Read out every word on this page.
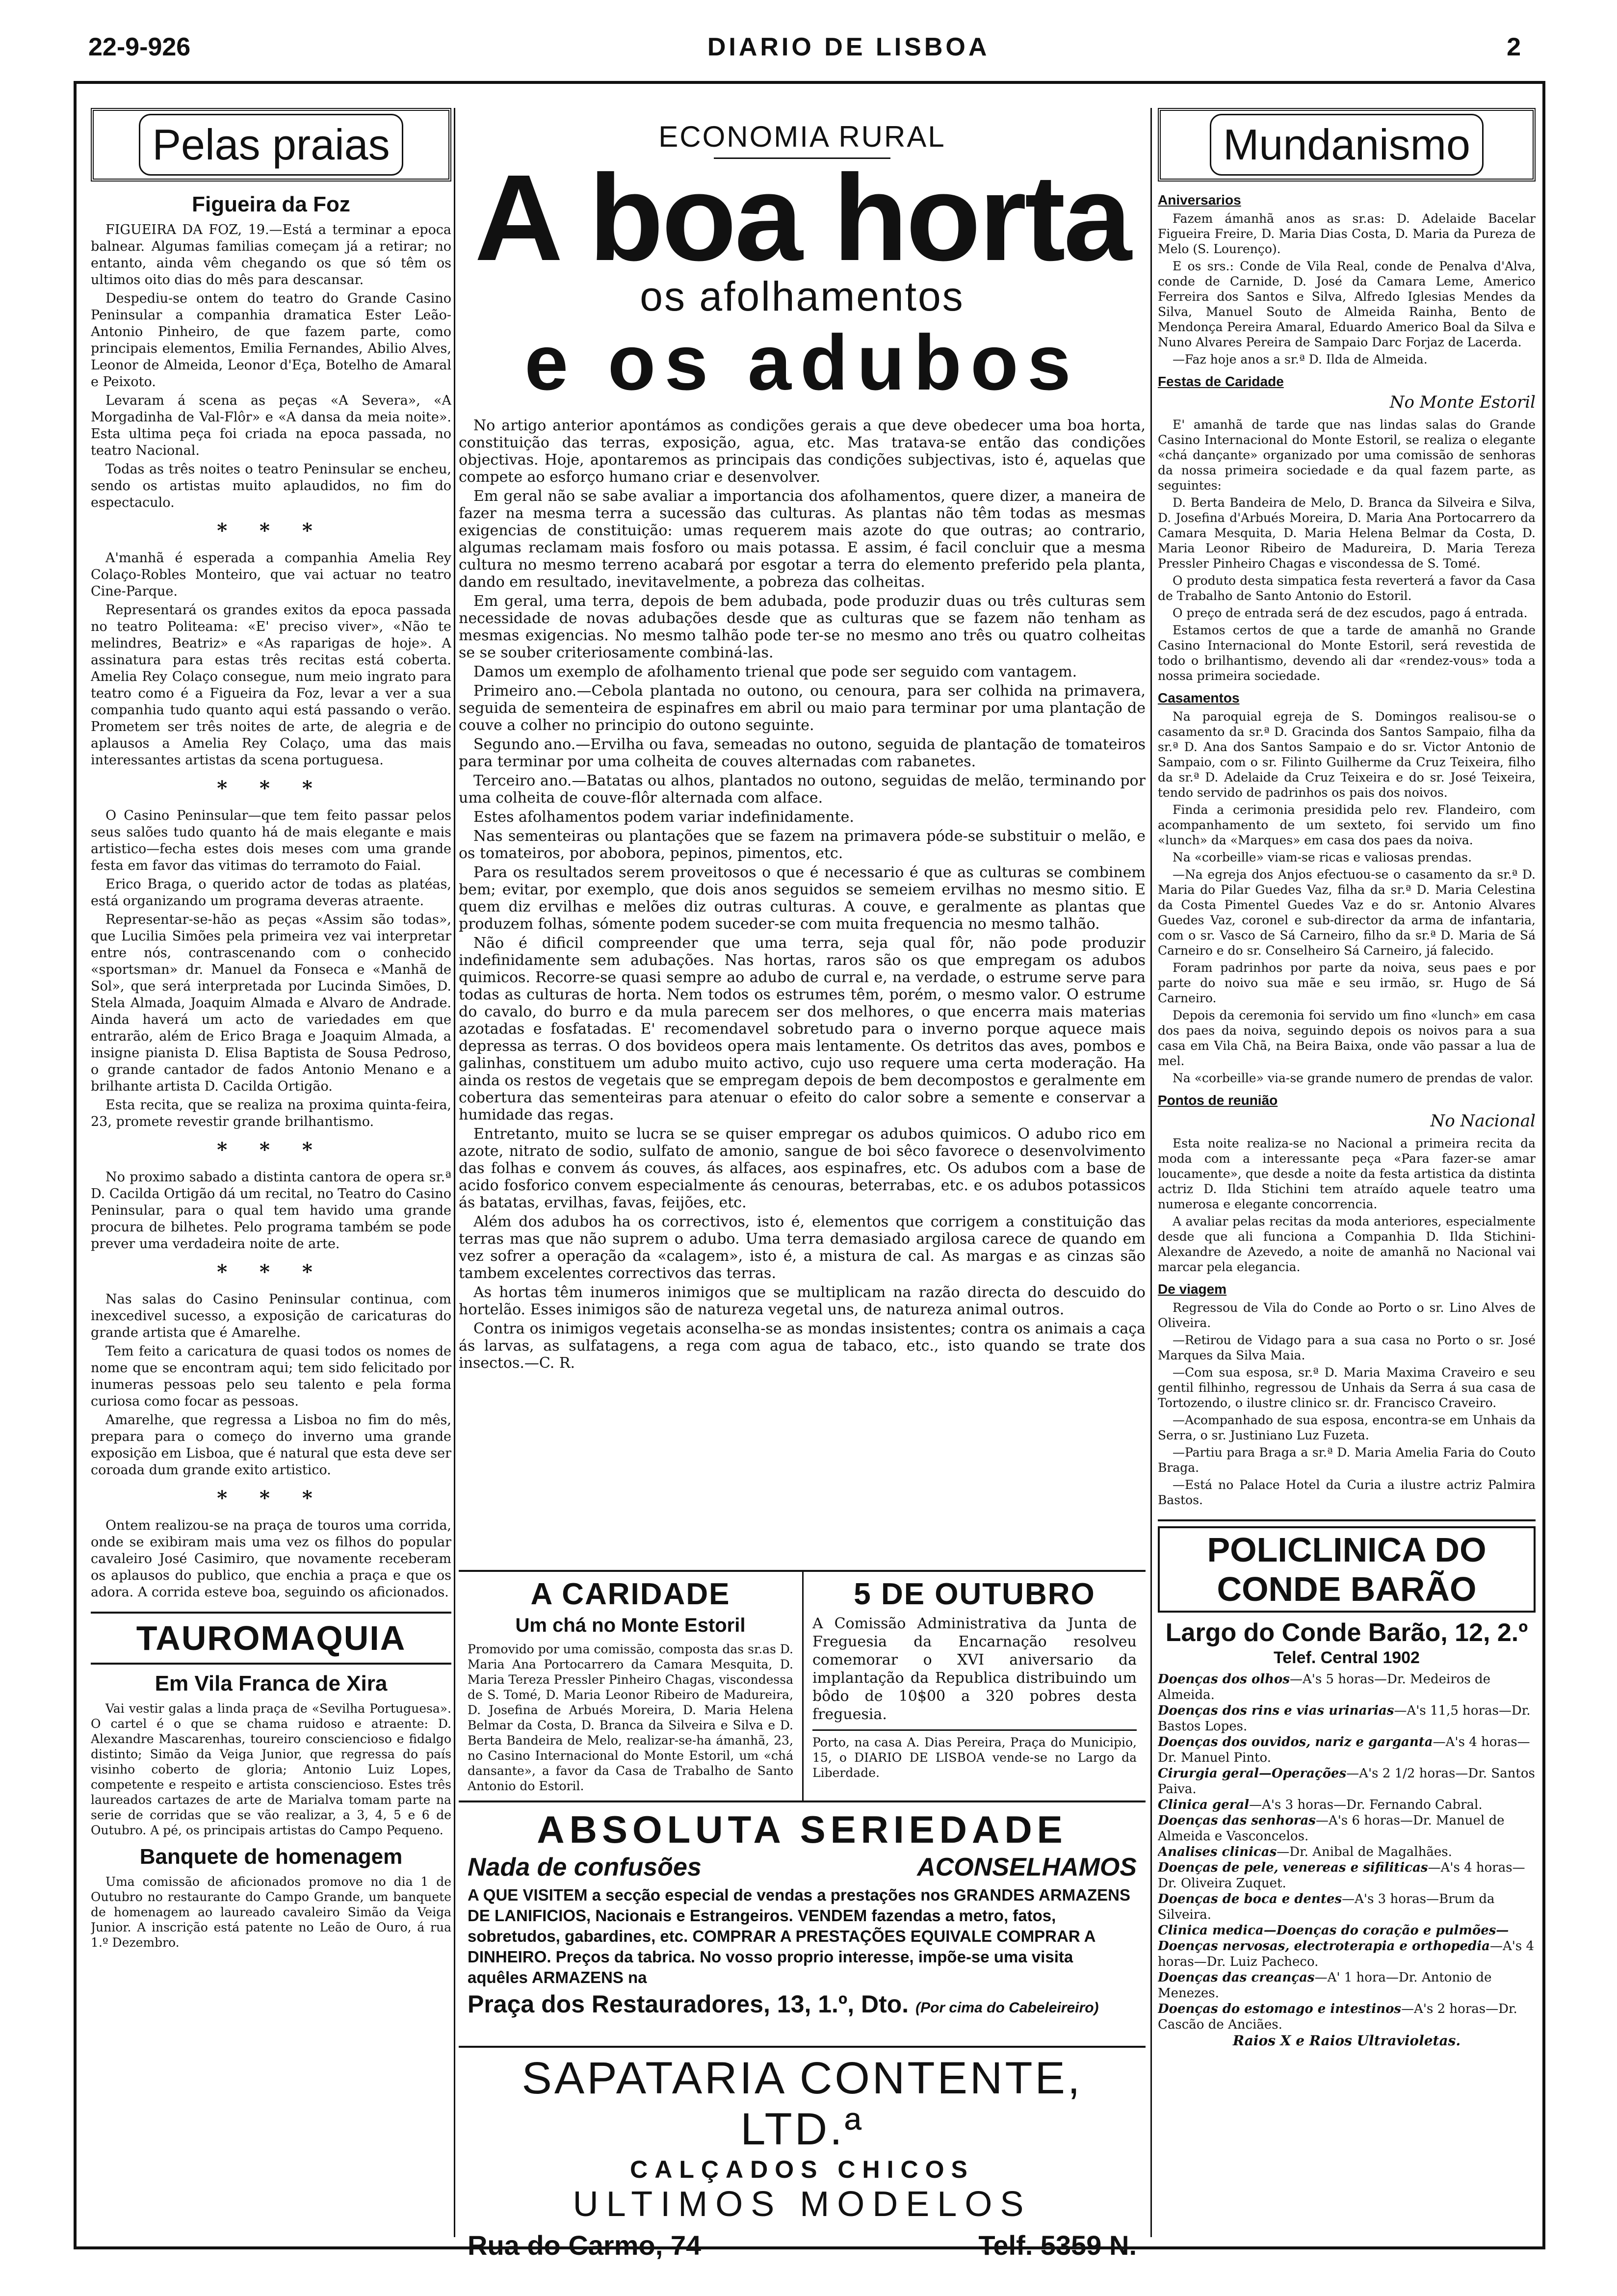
22-9-926	DIARIO DE LISBOA	2
Pelas praias
Figueira da Foz

FIGUEIRA DA FOZ, 19.—Está a terminar a epoca balnear. Algumas familias começam já a retirar; no entanto, ainda vêm chegando os que só têm os ultimos oito dias do mês para descansar.

Despediu-se ontem do teatro do Grande Casino Peninsular a companhia dramatica Ester Leão-Antonio Pinheiro, de que fazem parte, como principais elementos, Emilia Fernandes, Abilio Alves, Leonor de Almeida, Leonor d'Eça, Botelho de Amaral e Peixoto.

Levaram á scena as peças «A Severa», «A Morgadinha de Val-Flôr» e «A dansa da meia noite». Esta ultima peça foi criada na epoca passada, no teatro Nacional.

Todas as três noites o teatro Peninsular se encheu, sendo os artistas muito aplaudidos, no fim do espectaculo.

* * *

A'manhã é esperada a companhia Amelia Rey Colaço-Robles Monteiro, que vai actuar no teatro Cine-Parque.

Representará os grandes exitos da epoca passada no teatro Politeama: «E' preciso viver», «Não te melindres, Beatriz» e «As raparigas de hoje». A assinatura para estas três recitas está coberta. Amelia Rey Colaço consegue, num meio ingrato para teatro como é a Figueira da Foz, levar a ver a sua companhia tudo quanto aqui está passando o verão. Prometem ser três noites de arte, de alegria e de aplausos a Amelia Rey Colaço, uma das mais interessantes artistas da scena portuguesa.

* * *

O Casino Peninsular—que tem feito passar pelos seus salões tudo quanto há de mais elegante e mais artistico—fecha estes dois meses com uma grande festa em favor das vitimas do terramoto do Faial.

Erico Braga, o querido actor de todas as platéas, está organizando um programa deveras atraente.

Representar-se-hão as peças «Assim são todas», que Lucilia Simões pela primeira vez vai interpretar entre nós, contrascenando com o conhecido «sportsman» dr. Manuel da Fonseca e «Manhã de Sol», que será interpretada por Lucinda Simões, D. Stela Almada, Joaquim Almada e Alvaro de Andrade. Ainda haverá um acto de variedades em que entrarão, além de Erico Braga e Joaquim Almada, a insigne pianista D. Elisa Baptista de Sousa Pedroso, o grande cantador de fados Antonio Menano e a brilhante artista D. Cacilda Ortigão.

Esta recita, que se realiza na proxima quinta-feira, 23, promete revestir grande brilhantismo.

* * *

No proximo sabado a distinta cantora de opera sr.ª D. Cacilda Ortigão dá um recital, no Teatro do Casino Peninsular, para o qual tem havido uma grande procura de bilhetes. Pelo programa também se pode prever uma verdadeira noite de arte.

* * *

Nas salas do Casino Peninsular continua, com inexcedivel sucesso, a exposição de caricaturas do grande artista que é Amarelhe.

Tem feito a caricatura de quasi todos os nomes de nome que se encontram aqui; tem sido felicitado por inumeras pessoas pelo seu talento e pela forma curiosa como focar as pessoas.

Amarelhe, que regressa a Lisboa no fim do mês, prepara para o começo do inverno uma grande exposição em Lisboa, que é natural que esta deve ser coroada dum grande exito artistico.

* * *

Ontem realizou-se na praça de touros uma corrida, onde se exibiram mais uma vez os filhos do popular cavaleiro José Casimiro, que novamente receberam os aplausos do publico, que enchia a praça e que os adora. A corrida esteve boa, seguindo os aficionados.

TAUROMAQUIA
Em Vila Franca de Xira

Vai vestir galas a linda praça de «Sevilha Portuguesa». O cartel é o que se chama ruidoso e atraente: D. Alexandre Mascarenhas, toureiro consciencioso e fidalgo distinto; Simão da Veiga Junior, que regressa do país visinho coberto de gloria; Antonio Luiz Lopes, competente e respeito e artista consciencioso. Estes três laureados cartazes de arte de Marialva tomam parte na serie de corridas que se vão realizar, a 3, 4, 5 e 6 de Outubro. A pé, os principais artistas do Campo Pequeno.

Banquete de homenagem

Uma comissão de aficionados promove no dia 1 de Outubro no restaurante do Campo Grande, um banquete de homenagem ao laureado cavaleiro Simão da Veiga Junior. A inscrição está patente no Leão de Ouro, á rua 1.º Dezembro.

ECONOMIA RURAL
A boa horta
os afolhamentos
e os adubos

No artigo anterior apontámos as condições gerais a que deve obedecer uma boa horta, constituição das terras, exposição, agua, etc. Mas tratava-se então das condições objectivas. Hoje, apontaremos as principais das condições subjectivas, isto é, aquelas que compete ao esforço humano criar e desenvolver.

Em geral não se sabe avaliar a importancia dos afolhamentos, quere dizer, a maneira de fazer na mesma terra a sucessão das culturas. As plantas não têm todas as mesmas exigencias de constituição: umas requerem mais azote do que outras; ao contrario, algumas reclamam mais fosforo ou mais potassa. E assim, é facil concluir que a mesma cultura no mesmo terreno acabará por esgotar a terra do elemento preferido pela planta, dando em resultado, inevitavelmente, a pobreza das colheitas.

Em geral, uma terra, depois de bem adubada, pode produzir duas ou três culturas sem necessidade de novas adubações desde que as culturas que se fazem não tenham as mesmas exigencias. No mesmo talhão pode ter-se no mesmo ano três ou quatro colheitas se se souber criteriosamente combiná-las.

Damos um exemplo de afolhamento trienal que pode ser seguido com vantagem.

Primeiro ano.—Cebola plantada no outono, ou cenoura, para ser colhida na primavera, seguida de sementeira de espinafres em abril ou maio para terminar por uma plantação de couve a colher no principio do outono seguinte.

Segundo ano.—Ervilha ou fava, semeadas no outono, seguida de plantação de tomateiros para terminar por uma colheita de couves alternadas com rabanetes.

Terceiro ano.—Batatas ou alhos, plantados no outono, seguidas de melão, terminando por uma colheita de couve-flôr alternada com alface.

Estes afolhamentos podem variar indefinidamente.

Nas sementeiras ou plantações que se fazem na primavera póde-se substituir o melão, e os tomateiros, por abobora, pepinos, pimentos, etc.

Para os resultados serem proveitosos o que é necessario é que as culturas se combinem bem; evitar, por exemplo, que dois anos seguidos se semeiem ervilhas no mesmo sitio. E quem diz ervilhas e melões diz outras culturas. A couve, e geralmente as plantas que produzem folhas, sómente podem suceder-se com muita frequencia no mesmo talhão.

Não é dificil compreender que uma terra, seja qual fôr, não pode produzir indefinidamente sem adubações. Nas hortas, raros são os que empregam os adubos quimicos. Recorre-se quasi sempre ao adubo de curral e, na verdade, o estrume serve para todas as culturas de horta. Nem todos os estrumes têm, porém, o mesmo valor. O estrume do cavalo, do burro e da mula parecem ser dos melhores, o que encerra mais materias azotadas e fosfatadas. E' recomendavel sobretudo para o inverno porque aquece mais depressa as terras. O dos bovideos opera mais lentamente. Os detritos das aves, pombos e galinhas, constituem um adubo muito activo, cujo uso requere uma certa moderação. Ha ainda os restos de vegetais que se empregam depois de bem decompostos e geralmente em cobertura das sementeiras para atenuar o efeito do calor sobre a semente e conservar a humidade das regas.

Entretanto, muito se lucra se se quiser empregar os adubos quimicos. O adubo rico em azote, nitrato de sodio, sulfato de amonio, sangue de boi sêco favorece o desenvolvimento das folhas e convem ás couves, ás alfaces, aos espinafres, etc. Os adubos com a base de acido fosforico convem especialmente ás cenouras, beterrabas, etc. e os adubos potassicos ás batatas, ervilhas, favas, feijões, etc.

Além dos adubos ha os correctivos, isto é, elementos que corrigem a constituição das terras mas que não suprem o adubo. Uma terra demasiado argilosa carece de quando em vez sofrer a operação da «calagem», isto é, a mistura de cal. As margas e as cinzas são tambem excelentes correctivos das terras.

As hortas têm inumeros inimigos que se multiplicam na razão directa do descuido do hortelão. Esses inimigos são de natureza vegetal uns, de natureza animal outros.

Contra os inimigos vegetais aconselha-se as mondas insistentes; contra os animais a caça ás larvas, as sulfatagens, a rega com agua de tabaco, etc., isto quando se trate dos insectos.—C. R.

A CARIDADE
Um chá no Monte Estoril
Promovido por uma comissão, composta das sr.as D. Maria Ana Portocarrero da Camara Mesquita, D. Maria Tereza Pressler Pinheiro Chagas, viscondessa de S. Tomé, D. Maria Leonor Ribeiro de Madureira, D. Josefina de Arbués Moreira, D. Maria Helena Belmar da Costa, D. Branca da Silveira e Silva e D. Berta Bandeira de Melo, realizar-se-ha ámanhã, 23, no Casino Internacional do Monte Estoril, um «chá dansante», a favor da Casa de Trabalho de Santo Antonio do Estoril.
5 DE OUTUBRO
A Comissão Administrativa da Junta de Freguesia da Encarnação resolveu comemorar o XVI aniversario da implantação da Republica distribuindo um bôdo de 10$00 a 320 pobres desta freguesia.
Porto, na casa A. Dias Pereira, Praça do Municipio, 15, o DIARIO DE LISBOA vende-se no Largo da Liberdade.
ABSOLUTA SERIEDADE
Nada de confusões	ACONSELHAMOS
A QUE VISITEM a secção especial de vendas a prestações nos GRANDES ARMAZENS DE LANIFICIOS, Nacionais e Estrangeiros. VENDEM fazendas a metro, fatos, sobretudos, gabardines, etc. COMPRAR A PRESTAÇÕES EQUIVALE COMPRAR A DINHEIRO. Preços da tabrica. No vosso proprio interesse, impõe-se uma visita aquêles ARMAZENS na
Praça dos Restauradores, 13, 1.º, Dto. (Por cima do Cabeleireiro)
SAPATARIA CONTENTE, LTD.ª
CALÇADOS CHICOS
ULTIMOS MODELOS
Rua do Carmo, 74	Telf. 5359 N.
Mundanismo
Aniversarios

Fazem ámanhã anos as sr.as: D. Adelaide Bacelar Figueira Freire, D. Maria Dias Costa, D. Maria da Pureza de Melo (S. Lourenço).

E os srs.: Conde de Vila Real, conde de Penalva d'Alva, conde de Carnide, D. José da Camara Leme, Americo Ferreira dos Santos e Silva, Alfredo Iglesias Mendes da Silva, Manuel Souto de Almeida Rainha, Bento de Mendonça Pereira Amaral, Eduardo Americo Boal da Silva e Nuno Alvares Pereira de Sampaio Darc Forjaz de Lacerda.

—Faz hoje anos a sr.ª D. Ilda de Almeida.

Festas de Caridade
No Monte Estoril

E' amanhã de tarde que nas lindas salas do Grande Casino Internacional do Monte Estoril, se realiza o elegante «chá dançante» organizado por uma comissão de senhoras da nossa primeira sociedade e da qual fazem parte, as seguintes:

D. Berta Bandeira de Melo, D. Branca da Silveira e Silva, D. Josefina d'Arbués Moreira, D. Maria Ana Portocarrero da Camara Mesquita, D. Maria Helena Belmar da Costa, D. Maria Leonor Ribeiro de Madureira, D. Maria Tereza Pressler Pinheiro Chagas e viscondessa de S. Tomé.

O produto desta simpatica festa reverterá a favor da Casa de Trabalho de Santo Antonio do Estoril.

O preço de entrada será de dez escudos, pago á entrada.

Estamos certos de que a tarde de amanhã no Grande Casino Internacional do Monte Estoril, será revestida de todo o brilhantismo, devendo ali dar «rendez-vous» toda a nossa primeira sociedade.

Casamentos

Na paroquial egreja de S. Domingos realisou-se o casamento da sr.ª D. Gracinda dos Santos Sampaio, filha da sr.ª D. Ana dos Santos Sampaio e do sr. Victor Antonio de Sampaio, com o sr. Filinto Guilherme da Cruz Teixeira, filho da sr.ª D. Adelaide da Cruz Teixeira e do sr. José Teixeira, tendo servido de padrinhos os pais dos noivos.

Finda a cerimonia presidida pelo rev. Flandeiro, com acompanhamento de um sexteto, foi servido um fino «lunch» da «Marques» em casa dos paes da noiva.

Na «corbeille» viam-se ricas e valiosas prendas.

—Na egreja dos Anjos efectuou-se o casamento da sr.ª D. Maria do Pilar Guedes Vaz, filha da sr.ª D. Maria Celestina da Costa Pimentel Guedes Vaz e do sr. Antonio Alvares Guedes Vaz, coronel e sub-director da arma de infantaria, com o sr. Vasco de Sá Carneiro, filho da sr.ª D. Maria de Sá Carneiro e do sr. Conselheiro Sá Carneiro, já falecido.

Foram padrinhos por parte da noiva, seus paes e por parte do noivo sua mãe e seu irmão, sr. Hugo de Sá Carneiro.

Depois da ceremonia foi servido um fino «lunch» em casa dos paes da noiva, seguindo depois os noivos para a sua casa em Vila Chã, na Beira Baixa, onde vão passar a lua de mel.

Na «corbeille» via-se grande numero de prendas de valor.

Pontos de reunião
No Nacional

Esta noite realiza-se no Nacional a primeira recita da moda com a interessante peça «Para fazer-se amar loucamente», que desde a noite da festa artistica da distinta actriz D. Ilda Stichini tem atraído aquele teatro uma numerosa e elegante concorrencia.

A avaliar pelas recitas da moda anteriores, especialmente desde que ali funciona a Companhia D. Ilda Stichini-Alexandre de Azevedo, a noite de amanhã no Nacional vai marcar pela elegancia.

De viagem

Regressou de Vila do Conde ao Porto o sr. Lino Alves de Oliveira.

—Retirou de Vidago para a sua casa no Porto o sr. José Marques da Silva Maia.

—Com sua esposa, sr.ª D. Maria Maxima Craveiro e seu gentil filhinho, regressou de Unhais da Serra á sua casa de Tortozendo, o ilustre clinico sr. dr. Francisco Craveiro.

—Acompanhado de sua esposa, encontra-se em Unhais da Serra, o sr. Justiniano Luz Fuzeta.

—Partiu para Braga a sr.ª D. Maria Amelia Faria do Couto Braga.

—Está no Palace Hotel da Curia a ilustre actriz Palmira Bastos.

POLICLINICA DO CONDE BARÃO
Largo do Conde Barão, 12, 2.º
Telef. Central 1902
Doenças dos olhos—A's 5 horas—Dr. Medeiros de Almeida.
Doenças dos rins e vias urinarias—A's 11,5 horas—Dr. Bastos Lopes.
Doenças dos ouvidos, nariz e garganta—A's 4 horas—Dr. Manuel Pinto.
Cirurgia geral—Operações—A's 2 1/2 horas—Dr. Santos Paiva.
Clinica geral—A's 3 horas—Dr. Fernando Cabral.
Doenças das senhoras—A's 6 horas—Dr. Manuel de Almeida e Vasconcelos.
Analises clinicas—Dr. Anibal de Magalhães.
Doenças de pele, venereas e sifiliticas—A's 4 horas—Dr. Oliveira Zuquet.
Doenças de boca e dentes—A's 3 horas—Brum da Silveira.
Clinica medica—Doenças do coração e pulmões—Doenças nervosas, electroterapia e orthopedia—A's 4 horas—Dr. Luiz Pacheco.
Doenças das creanças—A' 1 hora—Dr. Antonio de Menezes.
Doenças do estomago e intestinos—A's 2 horas—Dr. Cascão de Anciães.
Raios X e Raios Ultravioletas.
